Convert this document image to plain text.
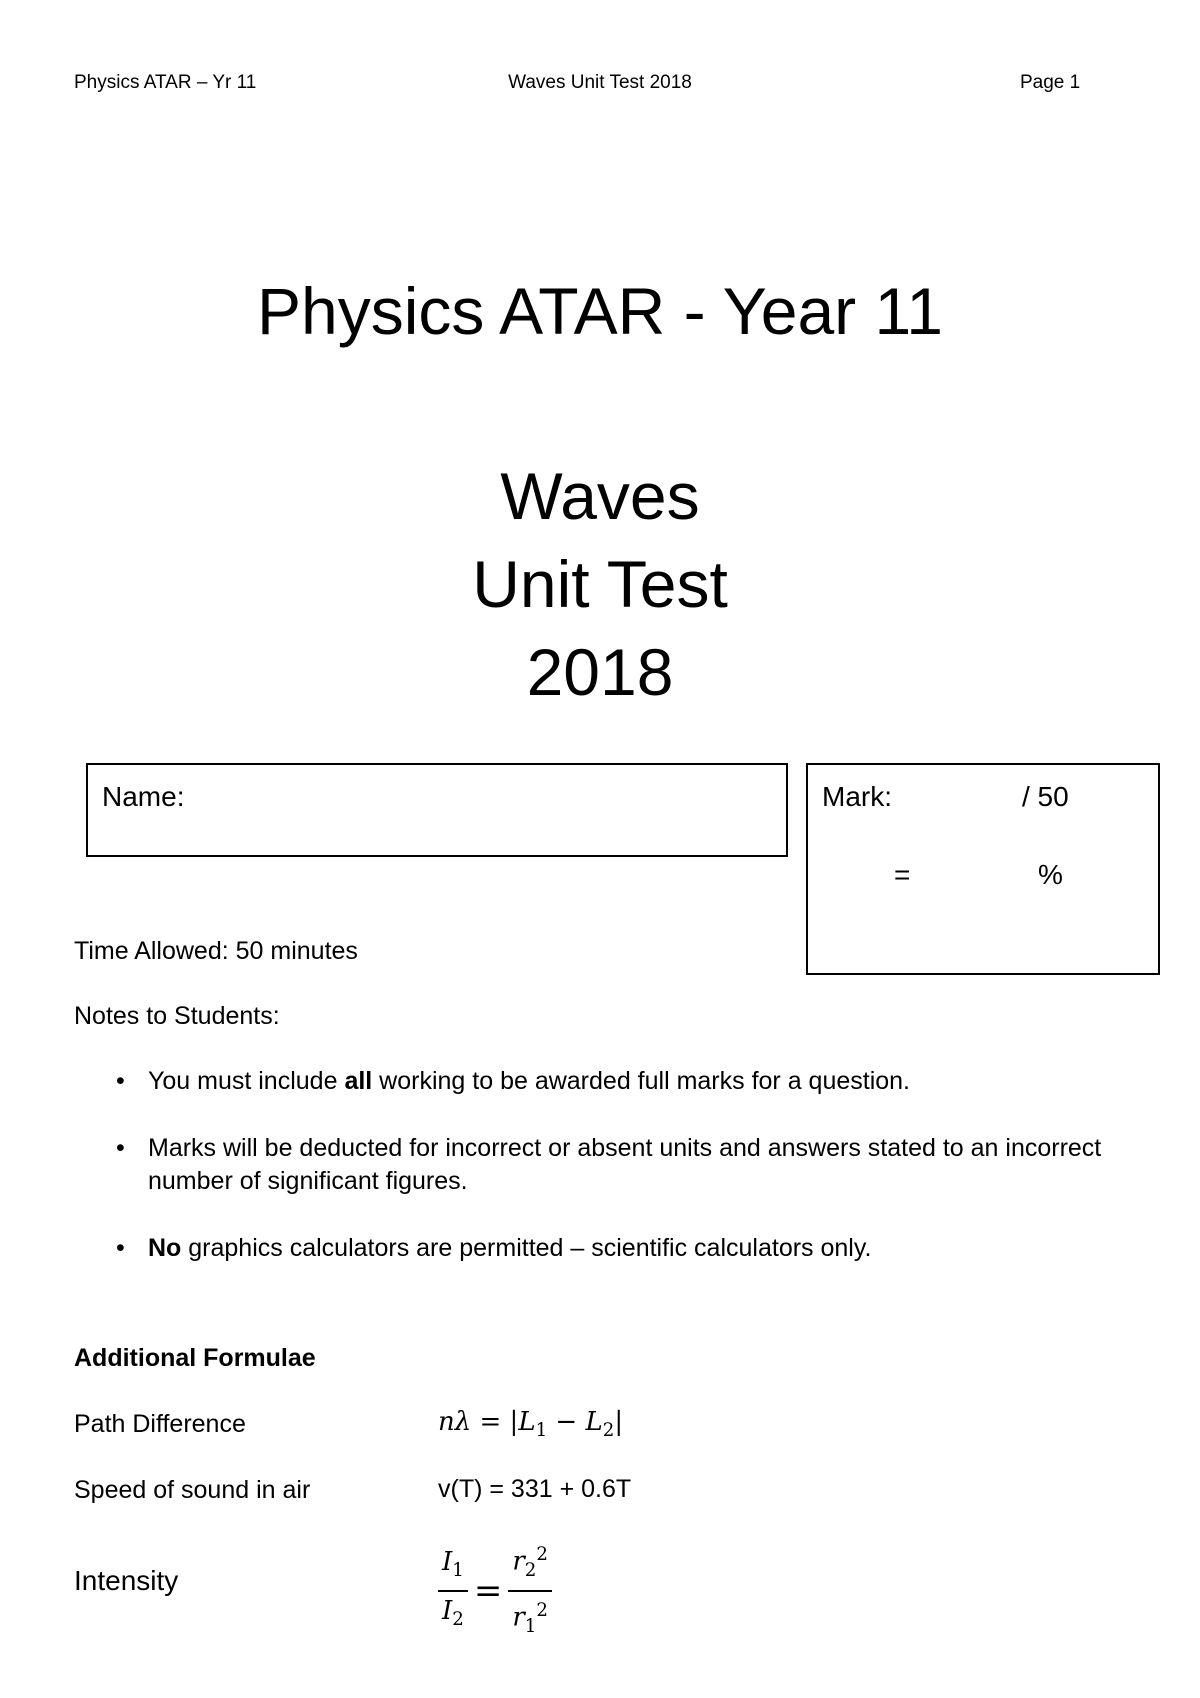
Physics ATAR – Yr 11	Waves Unit Test 2018	Page 1
Physics ATAR - Year 11
Waves
Unit Test
2018
Name:	Mark:	/ 50
=	%
Time Allowed: 50 minutes
Notes to Students:
• You must include all working to be awarded full marks for a question.
• Marks will be deducted for incorrect or absent units and answers stated to an incorrect number of significant figures.
• No graphics calculators are permitted – scientific calculators only.
Additional Formulae
Path Difference	$n\lambda = |L_1 - L_2|$
Speed of sound in air	v(T) = 331 + 0.6T
Intensity	$\frac{I_1}{I_2} = \frac{r_2^2}{r_1^2}$
